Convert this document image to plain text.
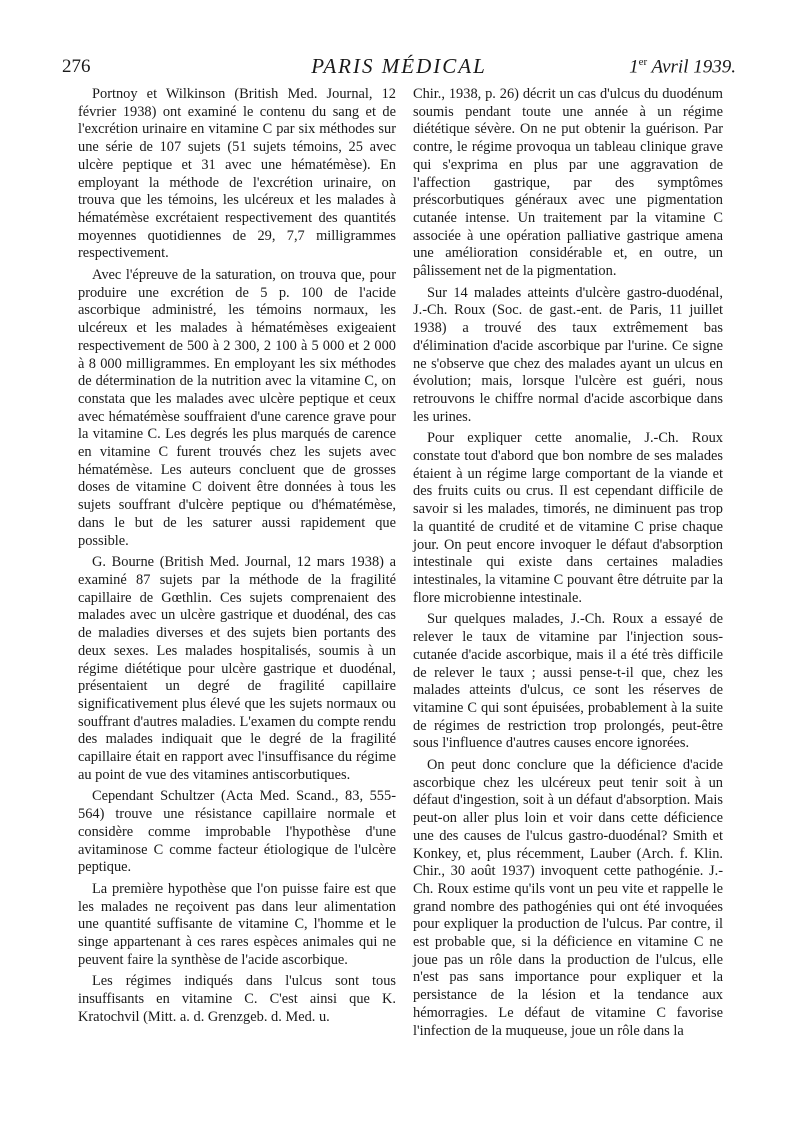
276	PARIS MÉDICAL	1er Avril 1939.

Portnoy et Wilkinson (British Med. Journal, 12 février 1938) ont examiné le contenu du sang et de l'excrétion urinaire en vitamine C par six méthodes sur une série de 107 sujets (51 sujets témoins, 25 avec ulcère peptique et 31 avec une hématémèse). En employant la méthode de l'excrétion urinaire, on trouva que les témoins, les ulcéreux et les malades à hématémèse excrétaient respectivement des quantités moyennes quotidiennes de 29, 7,7 milligrammes respectivement.

Avec l'épreuve de la saturation, on trouva que, pour produire une excrétion de 5 p. 100 de l'acide ascorbique administré, les témoins normaux, les ulcéreux et les malades à hématémèses exigeaient respectivement de 500 à 2 300, 2 100 à 5 000 et 2 000 à 8 000 milligrammes. En employant les six méthodes de détermination de la nutrition avec la vitamine C, on constata que les malades avec ulcère peptique et ceux avec hématémèse souffraient d'une carence grave pour la vitamine C. Les degrés les plus marqués de carence en vitamine C furent trouvés chez les sujets avec hématémèse. Les auteurs concluent que de grosses doses de vitamine C doivent être données à tous les sujets souffrant d'ulcère peptique ou d'hématémèse, dans le but de les saturer aussi rapidement que possible.

G. Bourne (British Med. Journal, 12 mars 1938) a examiné 87 sujets par la méthode de la fragilité capillaire de Gœthlin. Ces sujets comprenaient des malades avec un ulcère gastrique et duodénal, des cas de maladies diverses et des sujets bien portants des deux sexes. Les malades hospitalisés, soumis à un régime diététique pour ulcère gastrique et duodénal, présentaient un degré de fragilité capillaire significativement plus élevé que les sujets normaux ou souffrant d'autres maladies. L'examen du compte rendu des malades indiquait que le degré de la fragilité capillaire était en rapport avec l'insuffisance du régime au point de vue des vitamines antiscorbutiques.

Cependant Schultzer (Acta Med. Scand., 83, 555-564) trouve une résistance capillaire normale et considère comme improbable l'hypothèse d'une avitaminose C comme facteur étiologique de l'ulcère peptique.

La première hypothèse que l'on puisse faire est que les malades ne reçoivent pas dans leur alimentation une quantité suffisante de vitamine C, l'homme et le singe appartenant à ces rares espèces animales qui ne peuvent faire la synthèse de l'acide ascorbique.

Les régimes indiqués dans l'ulcus sont tous insuffisants en vitamine C. C'est ainsi que K. Kratochvil (Mitt. a. d. Grenzgeb. d. Med. u.

Chir., 1938, p. 26) décrit un cas d'ulcus du duodénum soumis pendant toute une année à un régime diététique sévère. On ne put obtenir la guérison. Par contre, le régime provoqua un tableau clinique grave qui s'exprima en plus par une aggravation de l'affection gastrique, par des symptômes préscorbutiques généraux avec une pigmentation cutanée intense. Un traitement par la vitamine C associée à une opération palliative gastrique amena une amélioration considérable et, en outre, un pâlissement net de la pigmentation.

Sur 14 malades atteints d'ulcère gastro-duodénal, J.-Ch. Roux (Soc. de gast.-ent. de Paris, 11 juillet 1938) a trouvé des taux extrêmement bas d'élimination d'acide ascorbique par l'urine. Ce signe ne s'observe que chez des malades ayant un ulcus en évolution; mais, lorsque l'ulcère est guéri, nous retrouvons le chiffre normal d'acide ascorbique dans les urines.

Pour expliquer cette anomalie, J.-Ch. Roux constate tout d'abord que bon nombre de ses malades étaient à un régime large comportant de la viande et des fruits cuits ou crus. Il est cependant difficile de savoir si les malades, timorés, ne diminuent pas trop la quantité de crudité et de vitamine C prise chaque jour. On peut encore invoquer le défaut d'absorption intestinale qui existe dans certaines maladies intestinales, la vitamine C pouvant être détruite par la flore microbienne intestinale.

Sur quelques malades, J.-Ch. Roux a essayé de relever le taux de vitamine par l'injection sous-cutanée d'acide ascorbique, mais il a été très difficile de relever le taux ; aussi pense-t-il que, chez les malades atteints d'ulcus, ce sont les réserves de vitamine C qui sont épuisées, probablement à la suite de régimes de restriction trop prolongés, peut-être sous l'influence d'autres causes encore ignorées.

On peut donc conclure que la déficience d'acide ascorbique chez les ulcéreux peut tenir soit à un défaut d'ingestion, soit à un défaut d'absorption. Mais peut-on aller plus loin et voir dans cette déficience une des causes de l'ulcus gastro-duodénal? Smith et Konkey, et, plus récemment, Lauber (Arch. f. Klin. Chir., 30 août 1937) invoquent cette pathogénie. J.-Ch. Roux estime qu'ils vont un peu vite et rappelle le grand nombre des pathogénies qui ont été invoquées pour expliquer la production de l'ulcus. Par contre, il est probable que, si la déficience en vitamine C ne joue pas un rôle dans la production de l'ulcus, elle n'est pas sans importance pour expliquer et la persistance de la lésion et la tendance aux hémorragies. Le défaut de vitamine C favorise l'infection de la muqueuse, joue un rôle dans la
